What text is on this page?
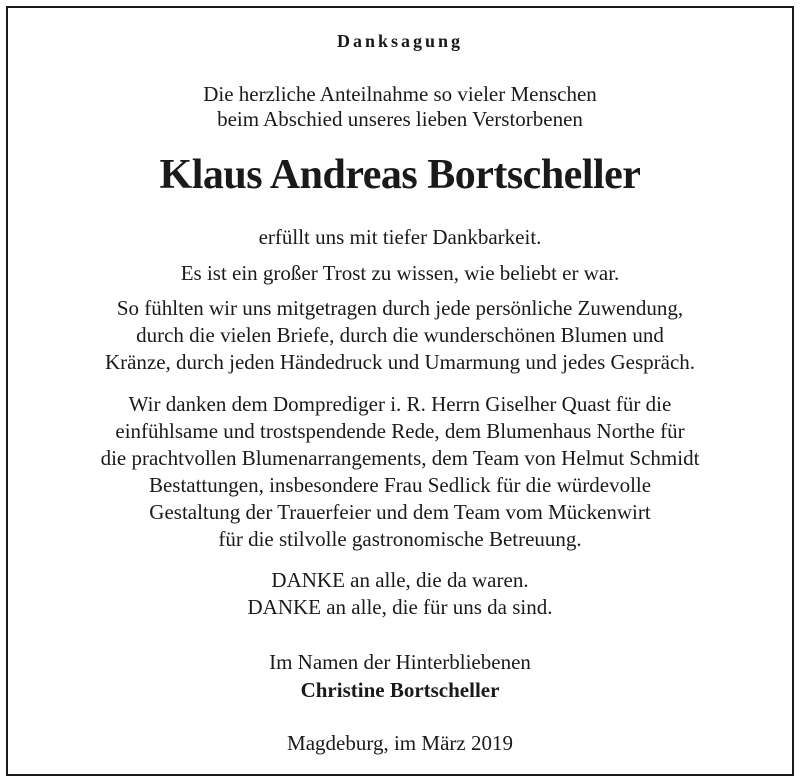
Danksagung
Die herzliche Anteilnahme so vieler Menschen
beim Abschied unseres lieben Verstorbenen
Klaus Andreas Bortscheller
erfüllt uns mit tiefer Dankbarkeit.
Es ist ein großer Trost zu wissen, wie beliebt er war.
So fühlten wir uns mitgetragen durch jede persönliche Zuwendung,
durch die vielen Briefe, durch die wunderschönen Blumen und
Kränze, durch jeden Händedruck und Umarmung und jedes Gespräch.
Wir danken dem Domprediger i. R. Herrn Giselher Quast für die
einfühlsame und trostspendende Rede, dem Blumenhaus Northe für
die prachtvollen Blumenarrangements, dem Team von Helmut Schmidt
Bestattungen, insbesondere Frau Sedlick für die würdevolle
Gestaltung der Trauerfeier und dem Team vom Mückenwirt
für die stilvolle gastronomische Betreuung.
DANKE an alle, die da waren.
DANKE an alle, die für uns da sind.
Im Namen der Hinterbliebenen
Christine Bortscheller
Magdeburg, im März 2019
